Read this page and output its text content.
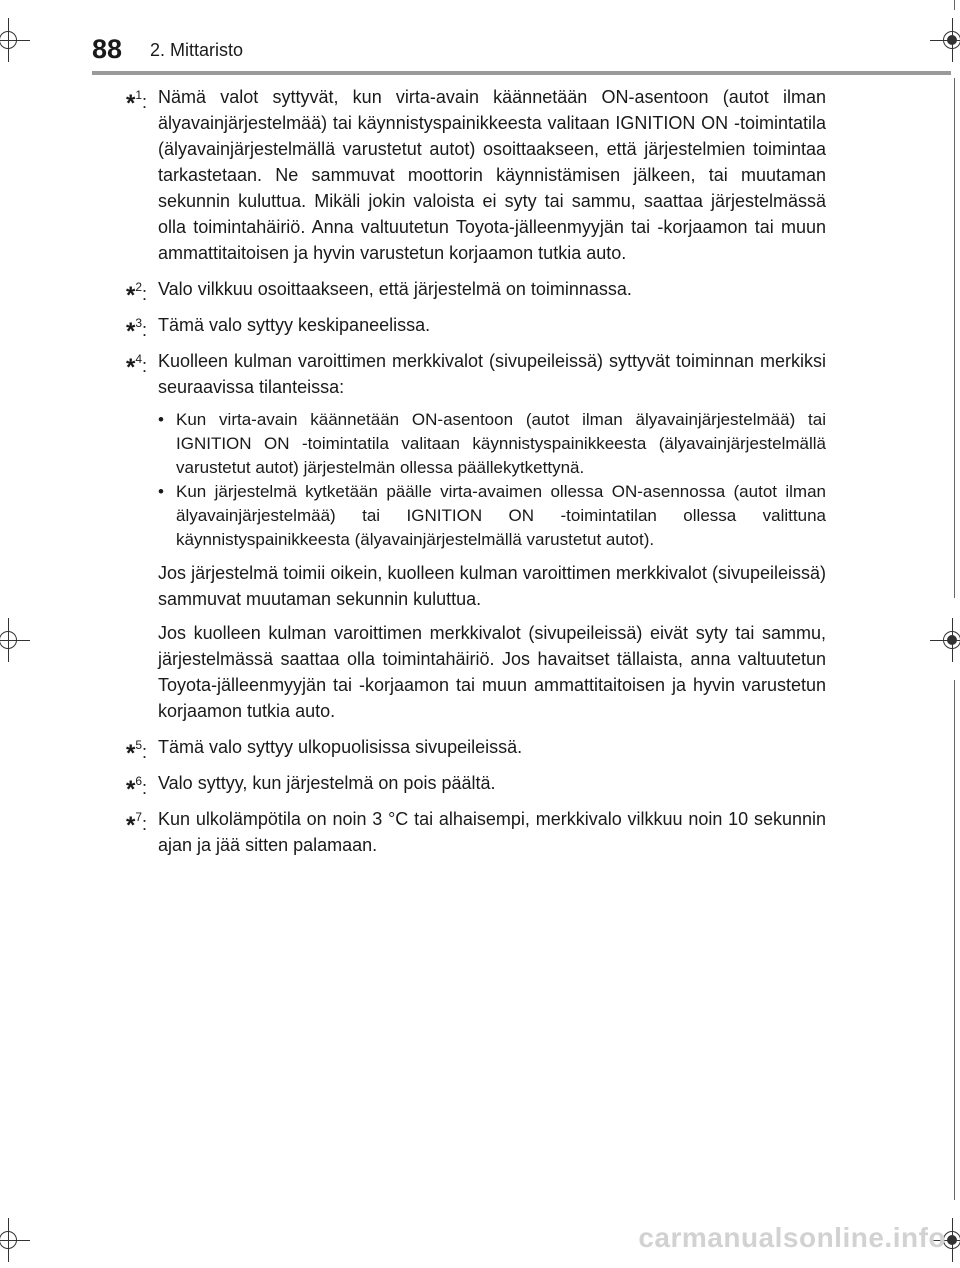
88 2. Mittaristo
*$^1$: Nämä valot syttyvät, kun virta-avain käännetään ON-asentoon (autot ilman älyavainjärjestelmää) tai käynnistyspainikkeesta valitaan IGNITION ON -toimintatila (älyavainjärjestelmällä varustetut autot) osoittaakseen, että järjestelmien toimintaa tarkastetaan. Ne sammuvat moottorin käynnistämisen jälkeen, tai muutaman sekunnin kuluttua. Mikäli jokin valoista ei syty tai sammu, saattaa järjestelmässä olla toimintahäiriö. Anna valtuutetun Toyota-jälleenmyyjän tai -korjaamon tai muun ammattitaitoisen ja hyvin varustetun korjaamon tutkia auto.
*$^2$: Valo vilkkuu osoittaakseen, että järjestelmä on toiminnassa.
*$^3$: Tämä valo syttyy keskipaneelissa.
*$^4$: Kuolleen kulman varoittimen merkkivalot (sivupeileissä) syttyvät toiminnan merkiksi seuraavissa tilanteissa:
• Kun virta-avain käännetään ON-asentoon (autot ilman älyavainjärjestelmää) tai IGNITION ON -toimintatila valitaan käynnistyspainikkeesta (älyavainjärjestelmällä varustetut autot) järjestelmän ollessa päällekytkettynä.
• Kun järjestelmä kytketään päälle virta-avaimen ollessa ON-asennossa (autot ilman älyavainjärjestelmää) tai IGNITION ON -toimintatilan ollessa valittuna käynnistyspainikkeesta (älyavainjärjestelmällä varustetut autot).
Jos järjestelmä toimii oikein, kuolleen kulman varoittimen merkkivalot (sivupeileissä) sammuvat muutaman sekunnin kuluttua.
Jos kuolleen kulman varoittimen merkkivalot (sivupeileissä) eivät syty tai sammu, järjestelmässä saattaa olla toimintahäiriö. Jos havaitset tällaista, anna valtuutetun Toyota-jälleenmyyjän tai -korjaamon tai muun ammattitaitoisen ja hyvin varustetun korjaamon tutkia auto.
*$^5$: Tämä valo syttyy ulkopuolisissa sivupeileissä.
*$^6$: Valo syttyy, kun järjestelmä on pois päältä.
*$^7$: Kun ulkolämpötila on noin 3 °C tai alhaisempi, merkkivalo vilkkuu noin 10 sekunnin ajan ja jää sitten palamaan.
carmanualsonline.info
